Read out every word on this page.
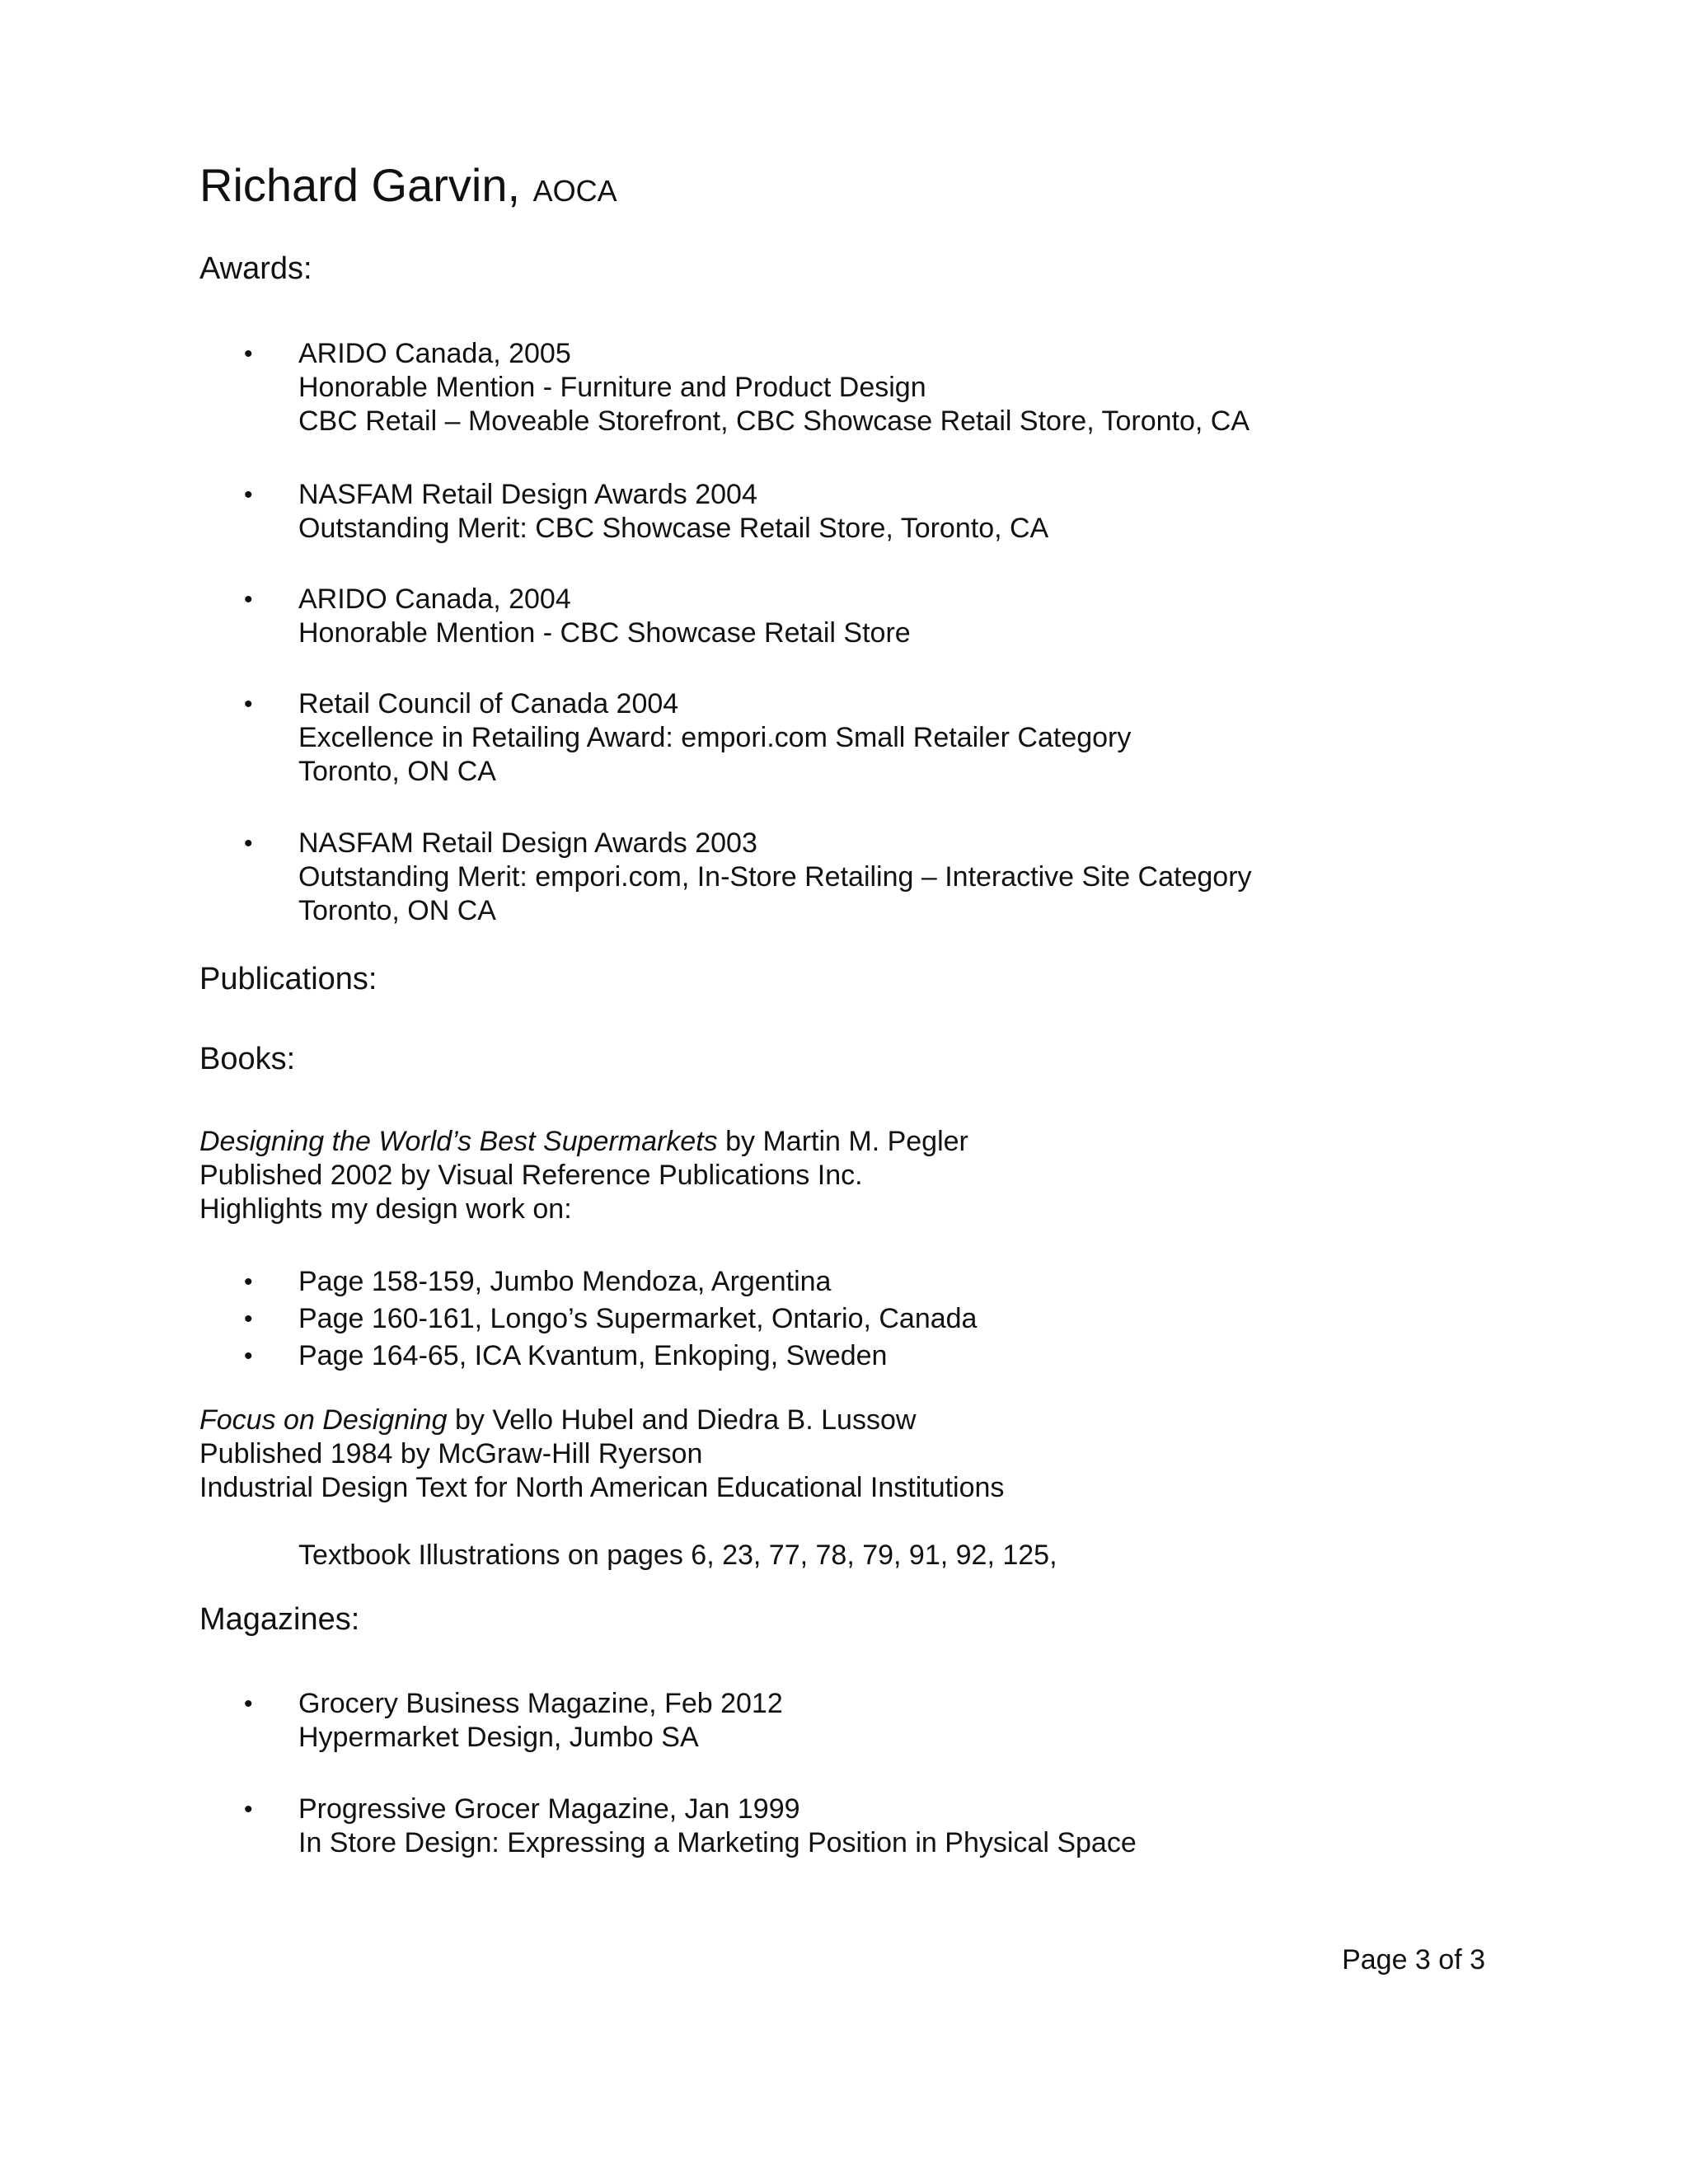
Richard Garvin, AOCA
Awards:
• ARIDO Canada, 2005
Honorable Mention - Furniture and Product Design
CBC Retail – Moveable Storefront, CBC Showcase Retail Store, Toronto, CA
• NASFAM Retail Design Awards 2004
Outstanding Merit: CBC Showcase Retail Store, Toronto, CA
• ARIDO Canada, 2004
Honorable Mention - CBC Showcase Retail Store
• Retail Council of Canada 2004
Excellence in Retailing Award: empori.com Small Retailer Category
Toronto, ON CA
• NASFAM Retail Design Awards 2003
Outstanding Merit: empori.com, In-Store Retailing – Interactive Site Category
Toronto, ON CA
Publications:
Books:
Designing the World’s Best Supermarkets by Martin M. Pegler
Published 2002 by Visual Reference Publications Inc.
Highlights my design work on:
• Page 158-159, Jumbo Mendoza, Argentina
• Page 160-161, Longo’s Supermarket, Ontario, Canada
• Page 164-65, ICA Kvantum, Enkoping, Sweden
Focus on Designing by Vello Hubel and Diedra B. Lussow
Published 1984 by McGraw-Hill Ryerson
Industrial Design Text for North American Educational Institutions
Textbook Illustrations on pages 6, 23, 77, 78, 79, 91, 92, 125,
Magazines:
• Grocery Business Magazine, Feb 2012
Hypermarket Design, Jumbo SA
• Progressive Grocer Magazine, Jan 1999
In Store Design: Expressing a Marketing Position in Physical Space
Page 3 of 3
